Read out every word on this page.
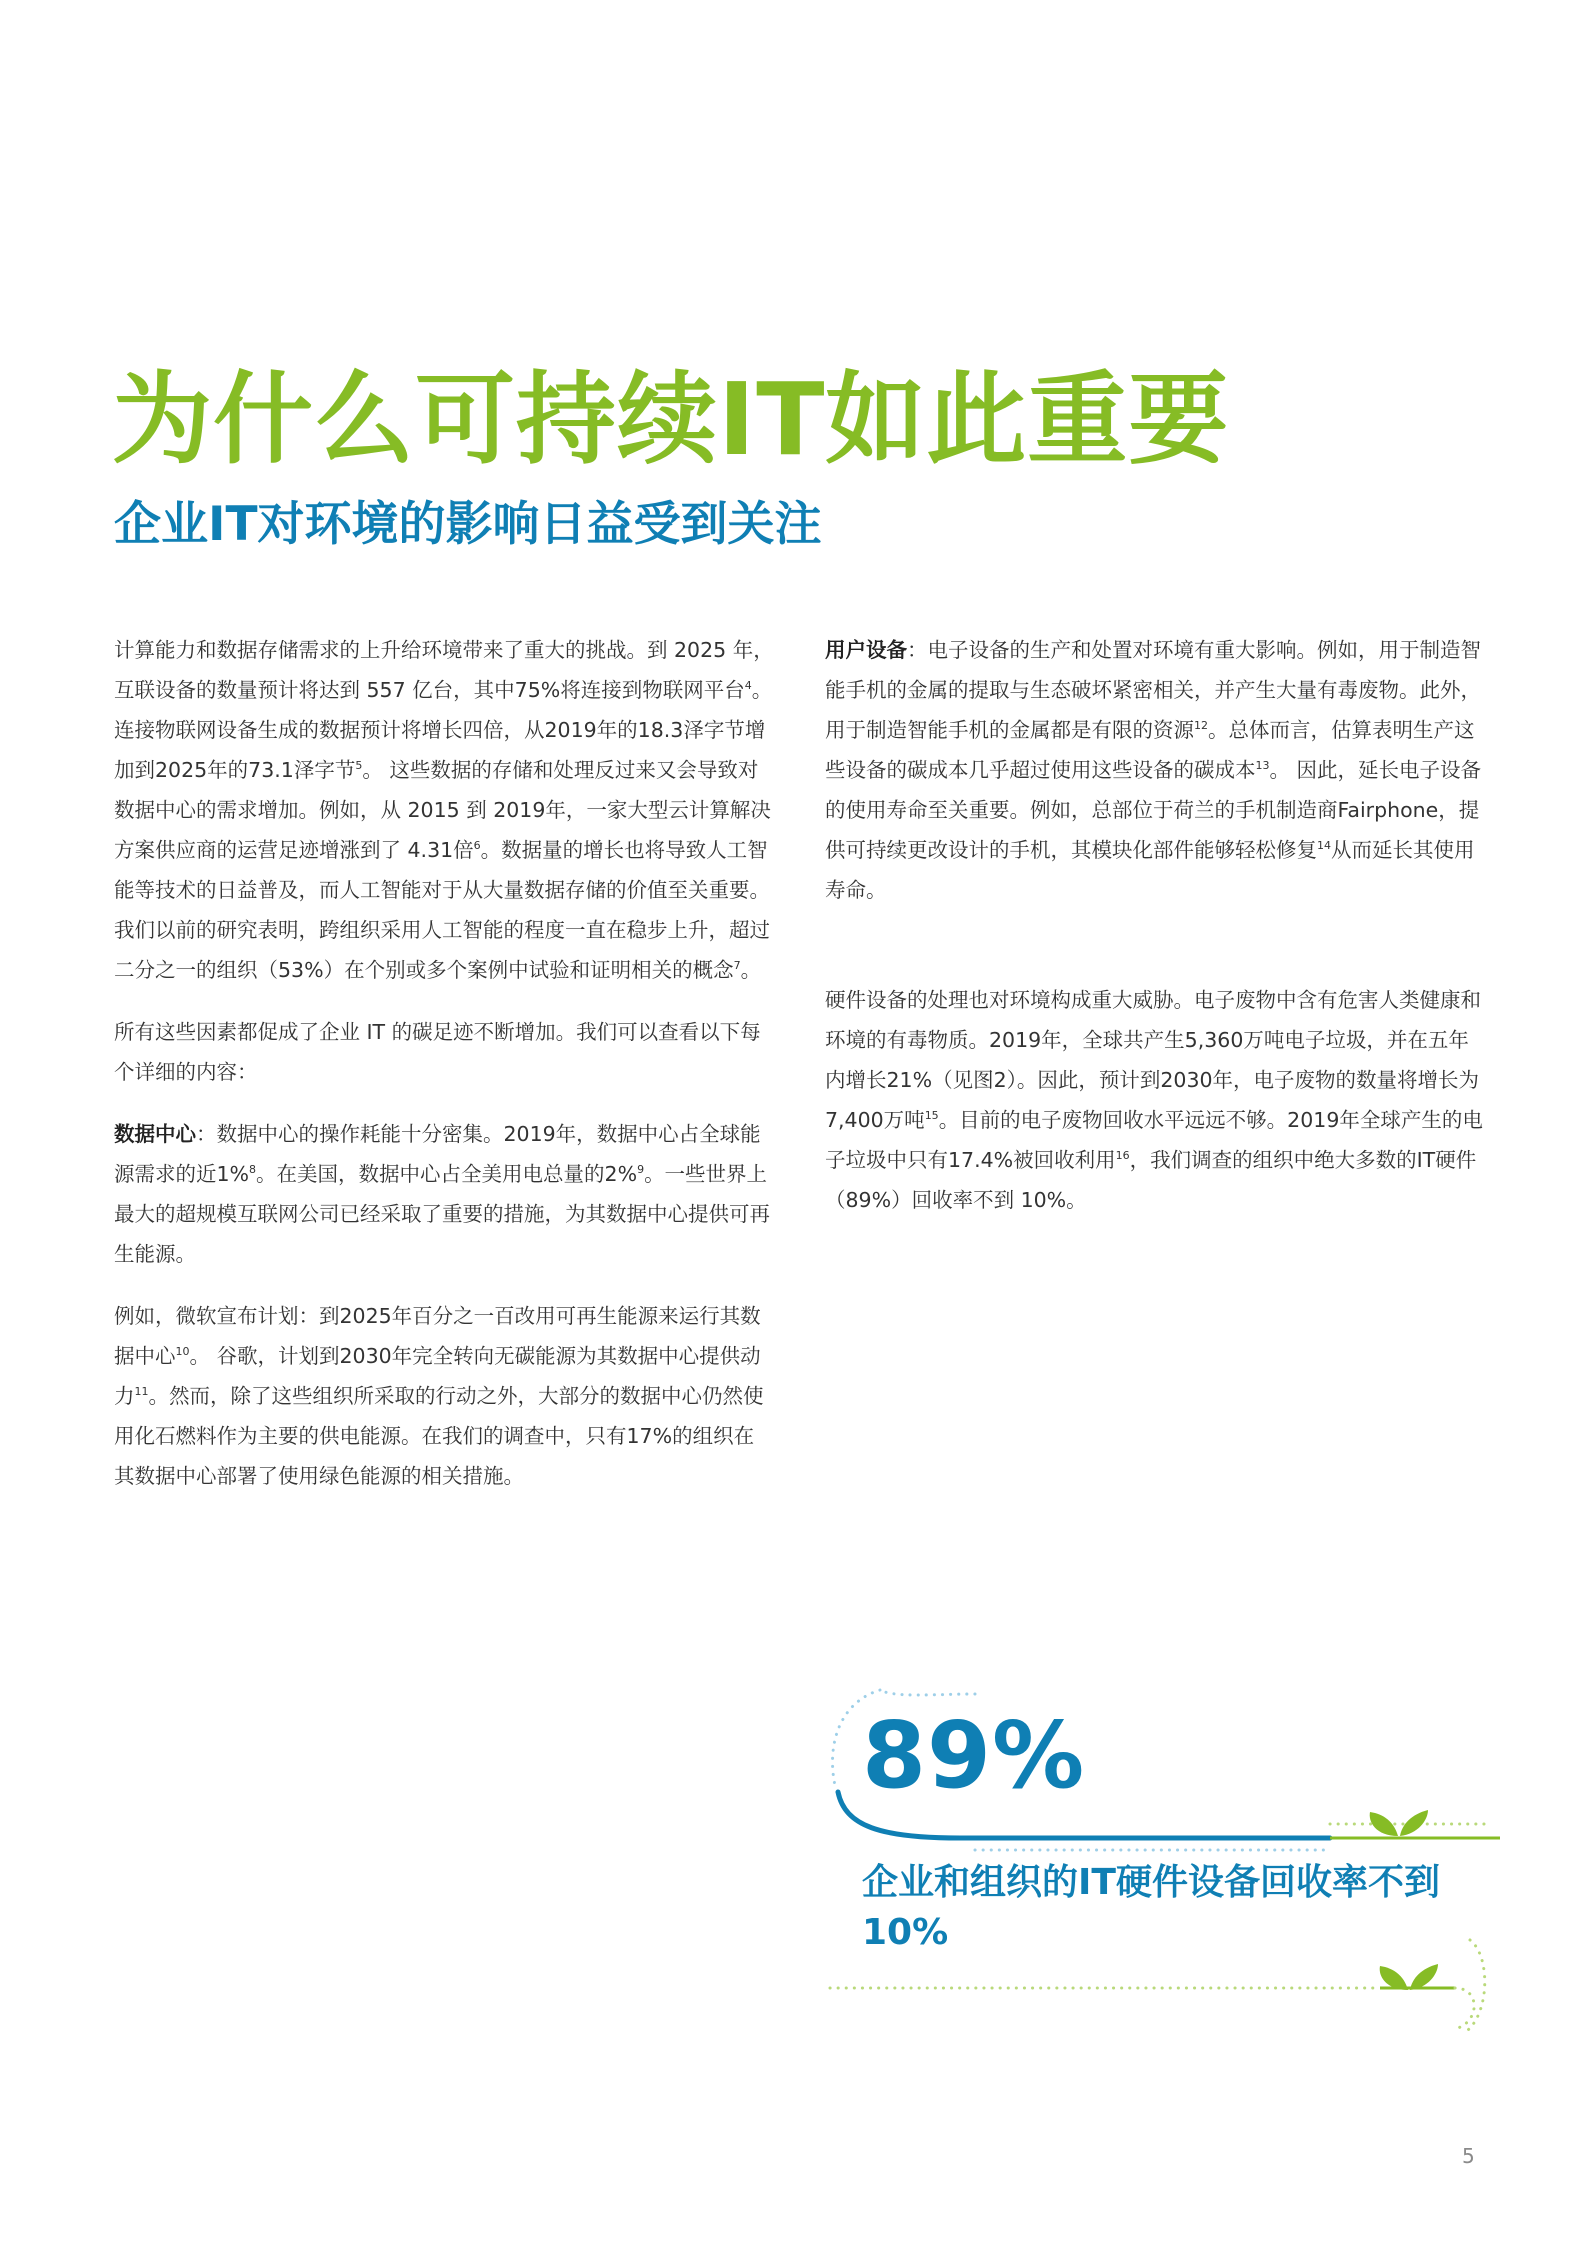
为什么可持续IT如此重要
企业IT对环境的影响日益受到关注

计算能力和数据存储需求的上升给环境带来了重大的挑战。到 2025 年，互联设备的数量预计将达到 557 亿台，其中75%将连接到物联网平台$^4$。连接物联网设备生成的数据预计将增长四倍，从2019年的18.3泽字节增加到2025年的73.1泽字节$^5$。 这些数据的存储和处理反过来又会导致对数据中心的需求增加。例如，从 2015 到 2019年，一家大型云计算解决方案供应商的运营足迹增涨到了 4.31倍$^6$。数据量的增长也将导致人工智能等技术的日益普及，而人工智能对于从大量数据存储的价值至关重要。我们以前的研究表明，跨组织采用人工智能的程度一直在稳步上升，超过二分之一的组织（53%）在个别或多个案例中试验和证明相关的概念$^7$。

所有这些因素都促成了企业 IT 的碳足迹不断增加。我们可以查看以下每个详细的内容：

数据中心：数据中心的操作耗能十分密集。2019年，数据中心占全球能源需求的近1%$^8$。在美国，数据中心占全美用电总量的2%$^9$。一些世界上最大的超规模互联网公司已经采取了重要的措施，为其数据中心提供可再生能源。

例如，微软宣布计划：到2025年百分之一百改用可再生能源来运行其数据中心$^{10}$。 谷歌，计划到2030年完全转向无碳能源为其数据中心提供动力$^{11}$。然而，除了这些组织所采取的行动之外，大部分的数据中心仍然使用化石燃料作为主要的供电能源。在我们的调查中，只有17%的组织在其数据中心部署了使用绿色能源的相关措施。

用户设备：电子设备的生产和处置对环境有重大影响。例如，用于制造智能手机的金属的提取与生态破坏紧密相关，并产生大量有毒废物。此外，用于制造智能手机的金属都是有限的资源$^{12}$。总体而言，估算表明生产这些设备的碳成本几乎超过使用这些设备的碳成本$^{13}$。 因此，延长电子设备的使用寿命至关重要。例如，总部位于荷兰的手机制造商Fairphone，提供可持续更改设计的手机，其模块化部件能够轻松修复$^{14}$从而延长其使用寿命。

硬件设备的处理也对环境构成重大威胁。电子废物中含有危害人类健康和环境的有毒物质。2019年，全球共产生5,360万吨电子垃圾，并在五年内增长21%（见图2）。因此，预计到2030年，电子废物的数量将增长为7,400万吨$^{15}$。目前的电子废物回收水平远远不够。2019年全球产生的电子垃圾中只有17.4%被回收利用$^{16}$，我们调查的组织中绝大多数的IT硬件（89%）回收率不到 10%。

89%
企业和组织的IT硬件设备回收率不到10%
5
